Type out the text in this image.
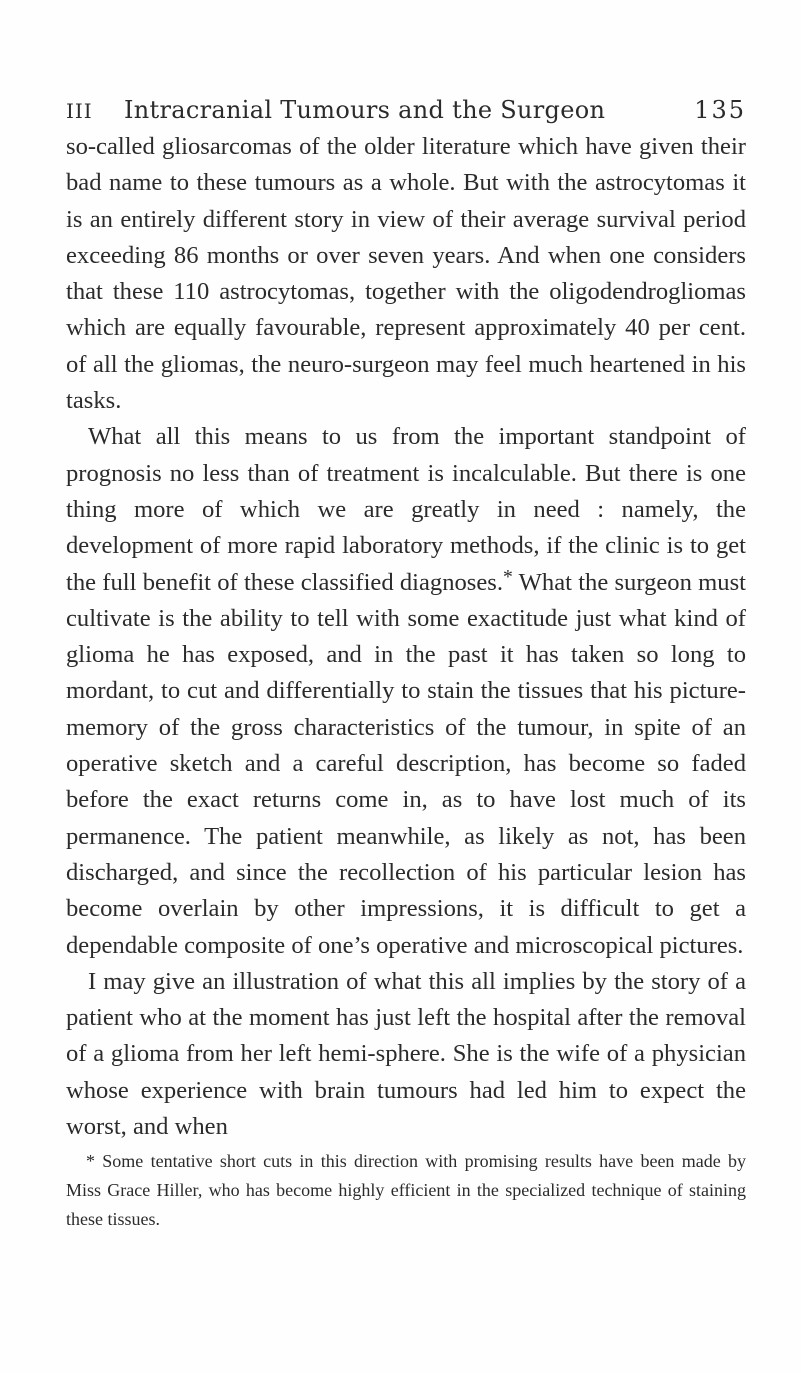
III	Intracranial Tumours and the Surgeon	135

so-called gliosarcomas of the older literature which have given their bad name to these tumours as a whole. But with the astrocytomas it is an entirely different story in view of their average survival period exceeding 86 months or over seven years. And when one considers that these 110 astrocytomas, together with the oligodendrogliomas which are equally favourable, represent approximately 40 per cent. of all the gliomas, the neuro-surgeon may feel much heartened in his tasks.

What all this means to us from the important standpoint of prognosis no less than of treatment is incalculable. But there is one thing more of which we are greatly in need : namely, the development of more rapid laboratory methods, if the clinic is to get the full benefit of these classified diagnoses.* What the surgeon must cultivate is the ability to tell with some exactitude just what kind of glioma he has exposed, and in the past it has taken so long to mordant, to cut and differentially to stain the tissues that his picture-memory of the gross characteristics of the tumour, in spite of an operative sketch and a careful description, has become so faded before the exact returns come in, as to have lost much of its permanence. The patient meanwhile, as likely as not, has been discharged, and since the recollection of his particular lesion has become overlain by other impressions, it is difficult to get a dependable composite of one’s operative and microscopical pictures.

I may give an illustration of what this all implies by the story of a patient who at the moment has just left the hospital after the removal of a glioma from her left hemi-sphere. She is the wife of a physician whose experience with brain tumours had led him to expect the worst, and when

* Some tentative short cuts in this direction with promising results have been made by Miss Grace Hiller, who has become highly efficient in the specialized technique of staining these tissues.
